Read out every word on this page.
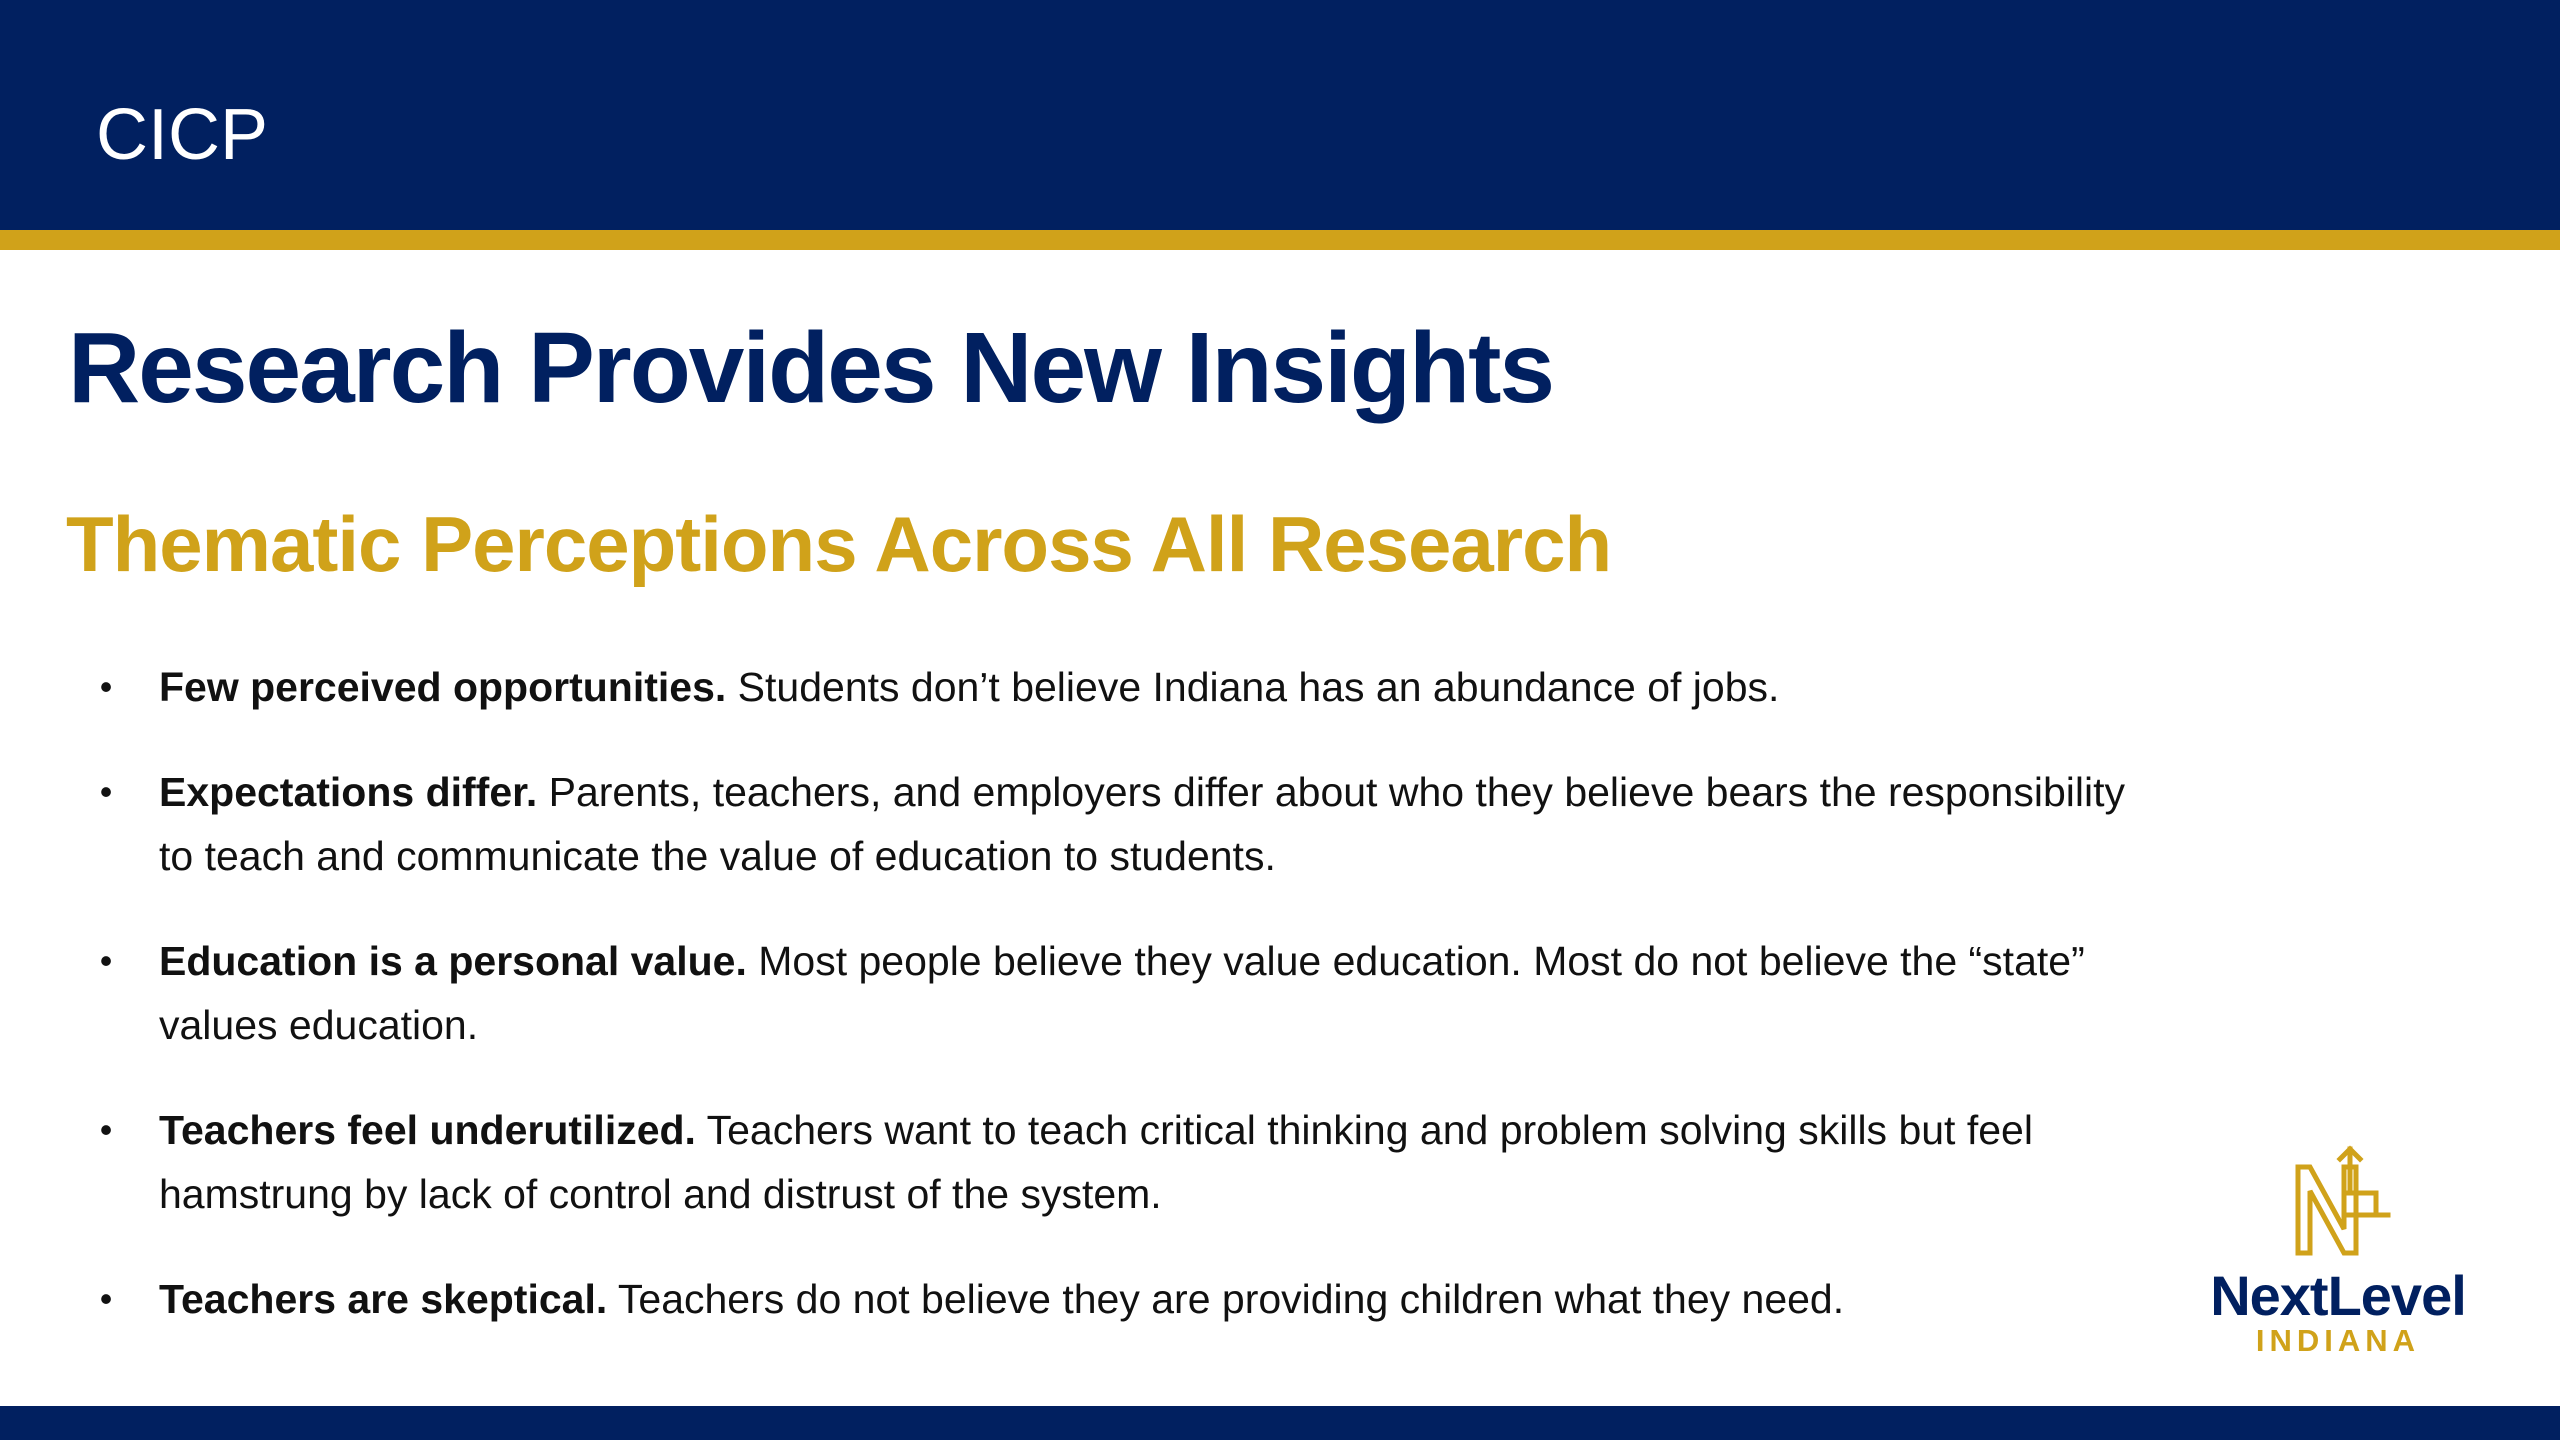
CICP
Research Provides New Insights
Thematic Perceptions Across All Research
• Few perceived opportunities. Students don’t believe Indiana has an abundance of jobs.
• Expectations differ. Parents, teachers, and employers differ about who they believe bears the responsibility to teach and communicate the value of education to students.
• Education is a personal value. Most people believe they value education. Most do not believe the “state” values education.
• Teachers feel underutilized. Teachers want to teach critical thinking and problem solving skills but feel hamstrung by lack of control and distrust of the system.
• Teachers are skeptical. Teachers do not believe they are providing children what they need.	NextLevel
INDIANA
